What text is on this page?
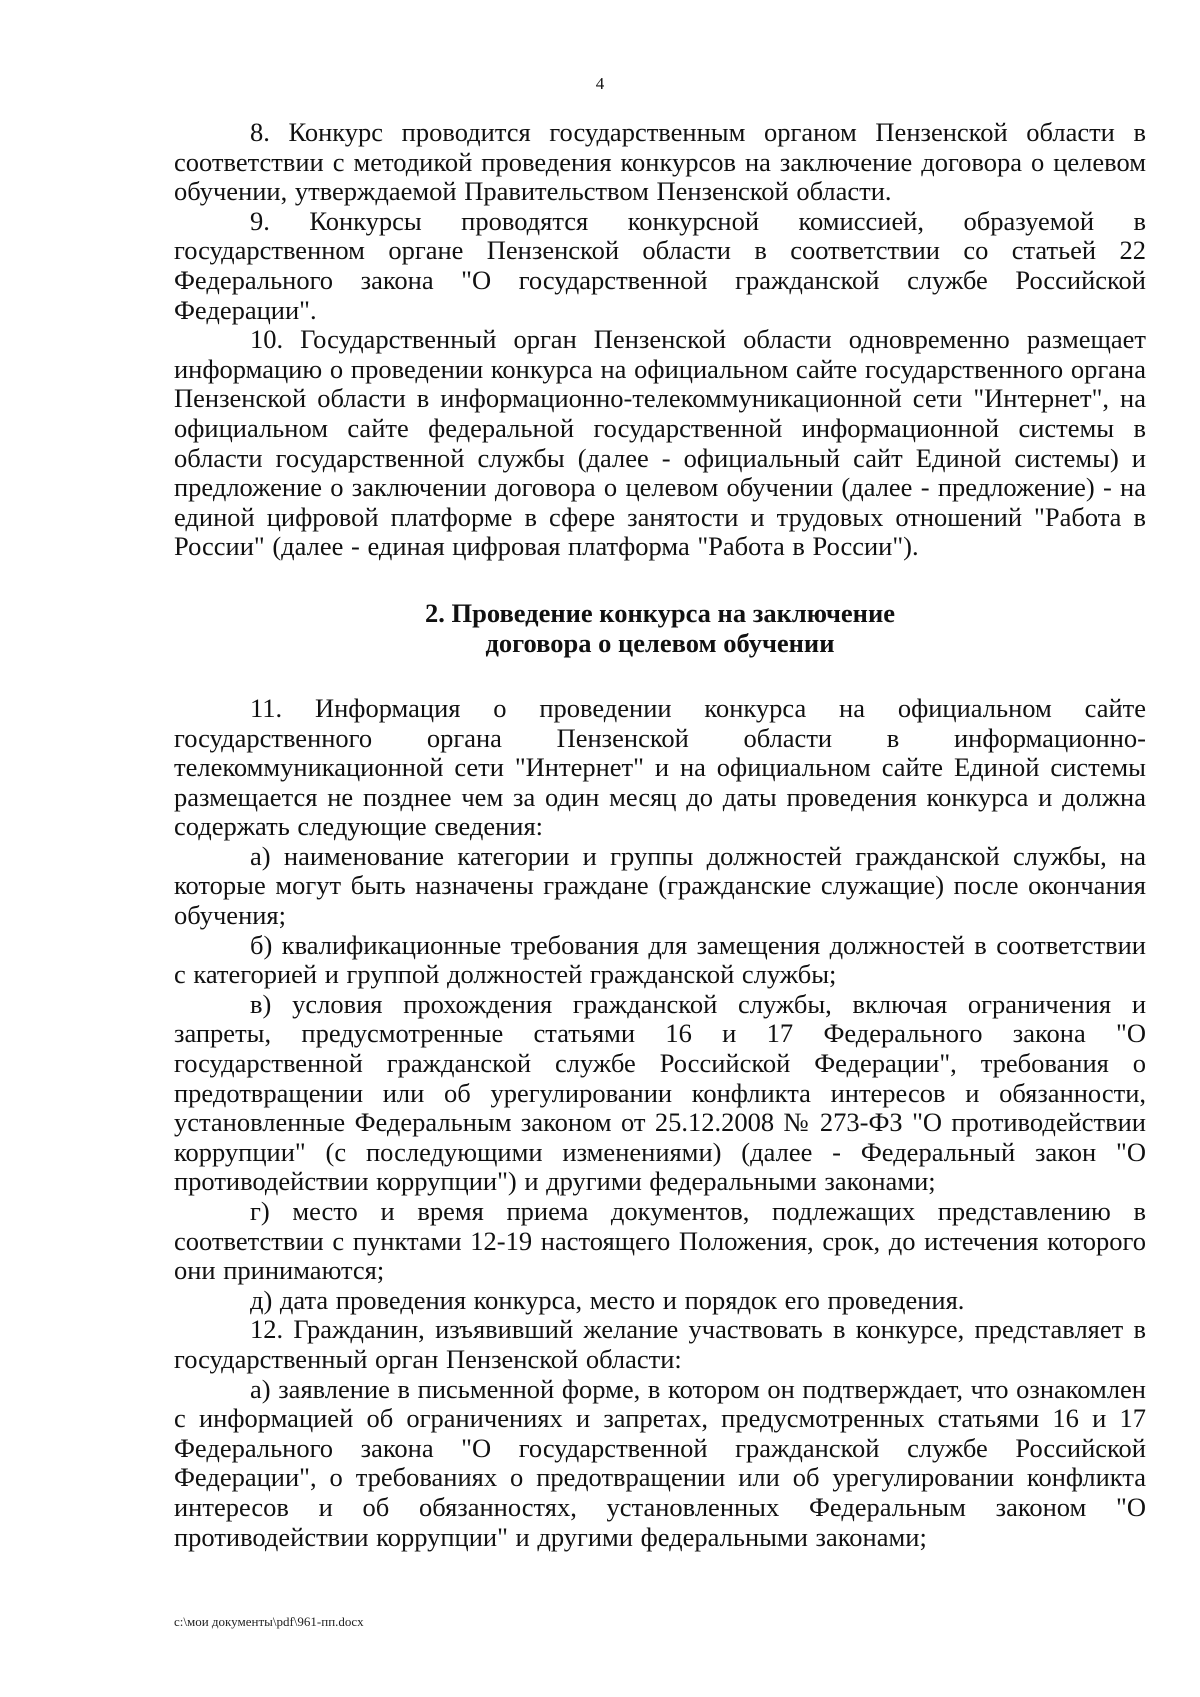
4

8. Конкурс проводится государственным органом Пензенской области в соответствии с методикой проведения конкурсов на заключение договора о целевом обучении, утверждаемой Правительством Пензенской области.

9. Конкурсы проводятся конкурсной комиссией, образуемой в государственном органе Пензенской области в соответствии со статьей 22 Федерального закона "О государственной гражданской службе Российской Федерации".

10. Государственный орган Пензенской области одновременно размещает информацию о проведении конкурса на официальном сайте государственного органа Пензенской области в информационно-телекоммуникационной сети "Интернет", на официальном сайте федеральной государственной информационной системы в области государственной службы (далее - официальный сайт Единой системы) и предложение о заключении договора о целевом обучении (далее - предложение) - на единой цифровой платформе в сфере занятости и трудовых отношений "Работа в России" (далее - единая цифровая платформа "Работа в России").

2. Проведение конкурса на заключение
договора о целевом обучении

11. Информация о проведении конкурса на официальном сайте государственного органа Пензенской области в информационно-телекоммуникационной сети "Интернет" и на официальном сайте Единой системы размещается не позднее чем за один месяц до даты проведения конкурса и должна содержать следующие сведения:

а) наименование категории и группы должностей гражданской службы, на которые могут быть назначены граждане (гражданские служащие) после окончания обучения;

б) квалификационные требования для замещения должностей в соответствии с категорией и группой должностей гражданской службы;

в) условия прохождения гражданской службы, включая ограничения и запреты, предусмотренные статьями 16 и 17 Федерального закона "О государственной гражданской службе Российской Федерации", требования о предотвращении или об урегулировании конфликта интересов и обязанности, установленные Федеральным законом от 25.12.2008 № 273-ФЗ "О противодействии коррупции" (с последующими изменениями) (далее - Федеральный закон "О противодействии коррупции") и другими федеральными законами;

г) место и время приема документов, подлежащих представлению в соответствии с пунктами 12-19 настоящего Положения, срок, до истечения которого они принимаются;

д) дата проведения конкурса, место и порядок его проведения.

12. Гражданин, изъявивший желание участвовать в конкурсе, представляет в государственный орган Пензенской области:

а) заявление в письменной форме, в котором он подтверждает, что ознакомлен с информацией об ограничениях и запретах, предусмотренных статьями 16 и 17 Федерального закона "О государственной гражданской службе Российской Федерации", о требованиях о предотвращении или об урегулировании конфликта интересов и об обязанностях, установленных Федеральным законом "О противодействии коррупции" и другими федеральными законами;

c:\мои документы\pdf\961-пп.docx
